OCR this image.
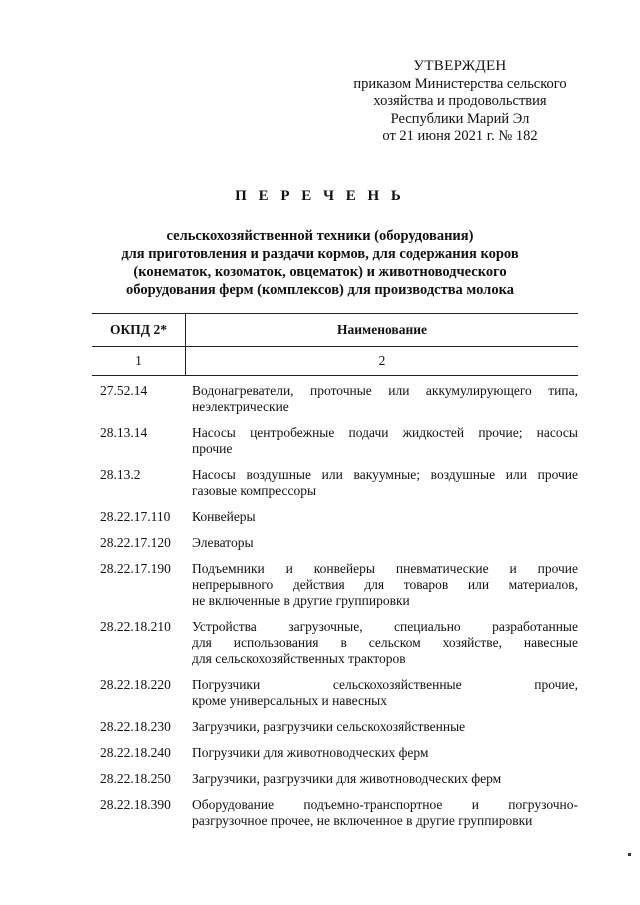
УТВЕРЖДЕН
приказом Министерства сельского
хозяйства и продовольствия
Республики Марий Эл
от 21 июня 2021 г. № 182
П Е Р Е Ч Е Н Ь
сельскохозяйственной техники (оборудования)
для приготовления и раздачи кормов, для содержания коров
(конематок, козоматок, овцематок) и животноводческого
оборудования ферм (комплексов) для производства молока
ОКПД 2*	Наименование
1	2
27.52.14	Водонагреватели, проточные или аккумулирующего типа,
неэлектрические
28.13.14	Насосы центробежные подачи жидкостей прочие; насосы
прочие
28.13.2	Насосы воздушные или вакуумные; воздушные или прочие
газовые компрессоры
28.22.17.110	Конвейеры
28.22.17.120	Элеваторы
28.22.17.190	Подъемники и конвейеры пневматические и прочие
непрерывного действия для товаров или материалов,
не включенные в другие группировки
28.22.18.210	Устройства загрузочные, специально разработанные
для использования в сельском хозяйстве, навесные
для сельскохозяйственных тракторов
28.22.18.220	Погрузчики сельскохозяйственные прочие,
кроме универсальных и навесных
28.22.18.230	Загрузчики, разгрузчики сельскохозяйственные
28.22.18.240	Погрузчики для животноводческих ферм
28.22.18.250	Загрузчики, разгрузчики для животноводческих ферм
28.22.18.390	Оборудование подъемно-транспортное и погрузочно-
разгрузочное прочее, не включенное в другие группировки
